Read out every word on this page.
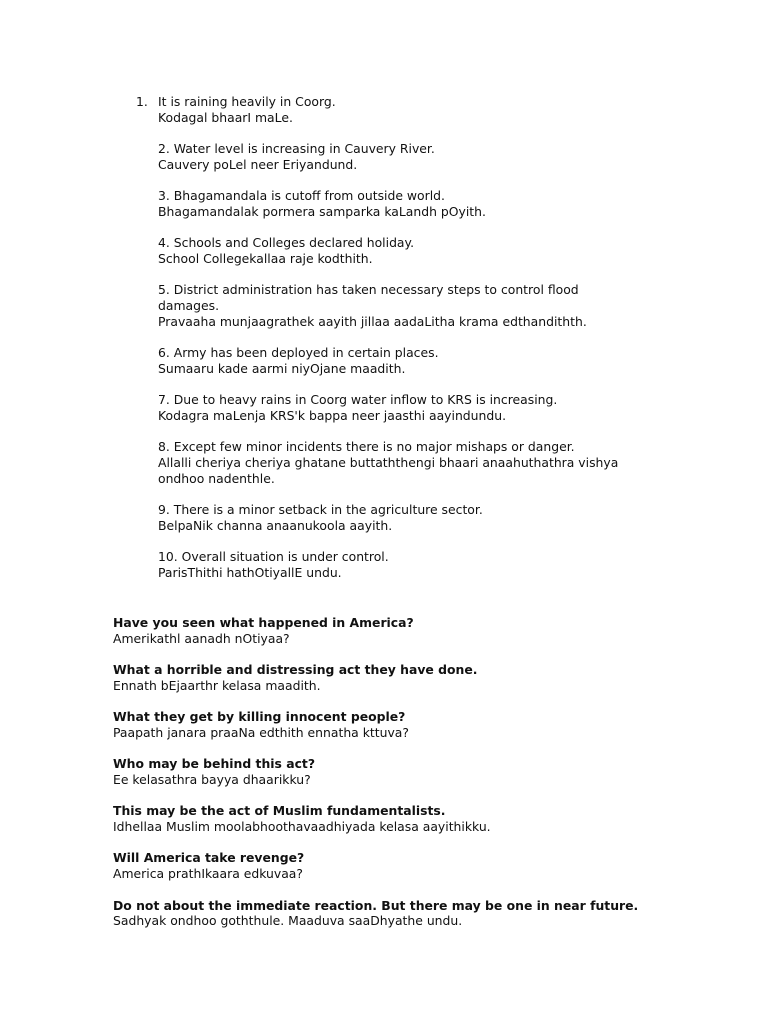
1. It is raining heavily in Coorg.
Kodagal bhaarI maLe.
2. Water level is increasing in Cauvery River.
Cauvery poLel neer Eriyandund.
3. Bhagamandala is cutoff from outside world.
Bhagamandalak pormera samparka kaLandh pOyith.
4. Schools and Colleges declared holiday.
School Collegekallaa raje kodthith.
5. District administration has taken necessary steps to control flood
damages.
Pravaaha munjaagrathek aayith jillaa aadaLitha krama edthandithth.
6. Army has been deployed in certain places.
Sumaaru kade aarmi niyOjane maadith.
7. Due to heavy rains in Coorg water inflow to KRS is increasing.
Kodagra maLenja KRS'k bappa neer jaasthi aayindundu.
8. Except few minor incidents there is no major mishaps or danger.
Allalli cheriya cheriya ghatane buttaththengi bhaari anaahuthathra vishya
ondhoo nadenthle.
9. There is a minor setback in the agriculture sector.
BelpaNik channa anaanukoola aayith.
10. Overall situation is under control.
ParisThithi hathOtiyallE undu.
Have you seen what happened in America?
Amerikathl aanadh nOtiyaa?
What a horrible and distressing act they have done.
Ennath bEjaarthr kelasa maadith.
What they get by killing innocent people?
Paapath janara praaNa edthith ennatha kttuva?
Who may be behind this act?
Ee kelasathra bayya dhaarikku?
This may be the act of Muslim fundamentalists.
Idhellaa Muslim moolabhoothavaadhiyada kelasa aayithikku.
Will America take revenge?
America prathIkaara edkuvaa?
Do not about the immediate reaction. But there may be one in near future.
Sadhyak ondhoo goththule. Maaduva saaDhyathe undu.
